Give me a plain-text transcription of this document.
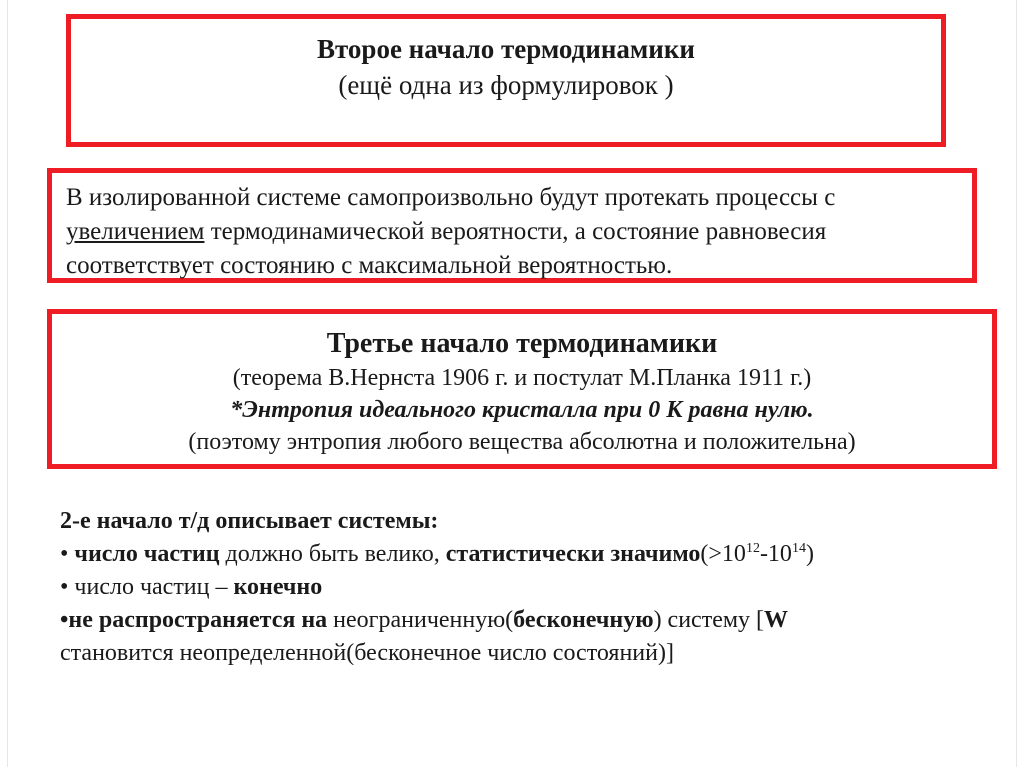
Второе начало термодинамики
(ещё одна из формулировок )

В изолированной системе самопроизвольно будут протекать процессы с

увеличением термодинамической вероятности, а состояние равновесия

соответствует состоянию с максимальной вероятностью.

Третье начало термодинамики
(теорема В.Нернста 1906 г. и постулат М.Планка 1911 г.)
*Энтропия идеального кристалла при 0 К равна нулю.
(поэтому энтропия любого вещества абсолютна и положительна)
2-е начало т/д описывает системы:
• число частиц должно быть велико, статистически $значимо(>10^{12}-10^{14})$
• число частиц – конечно
•не распространяется на неограниченную(бесконечную) систему [W
становится неопределенной(бесконечное число состояний)]
